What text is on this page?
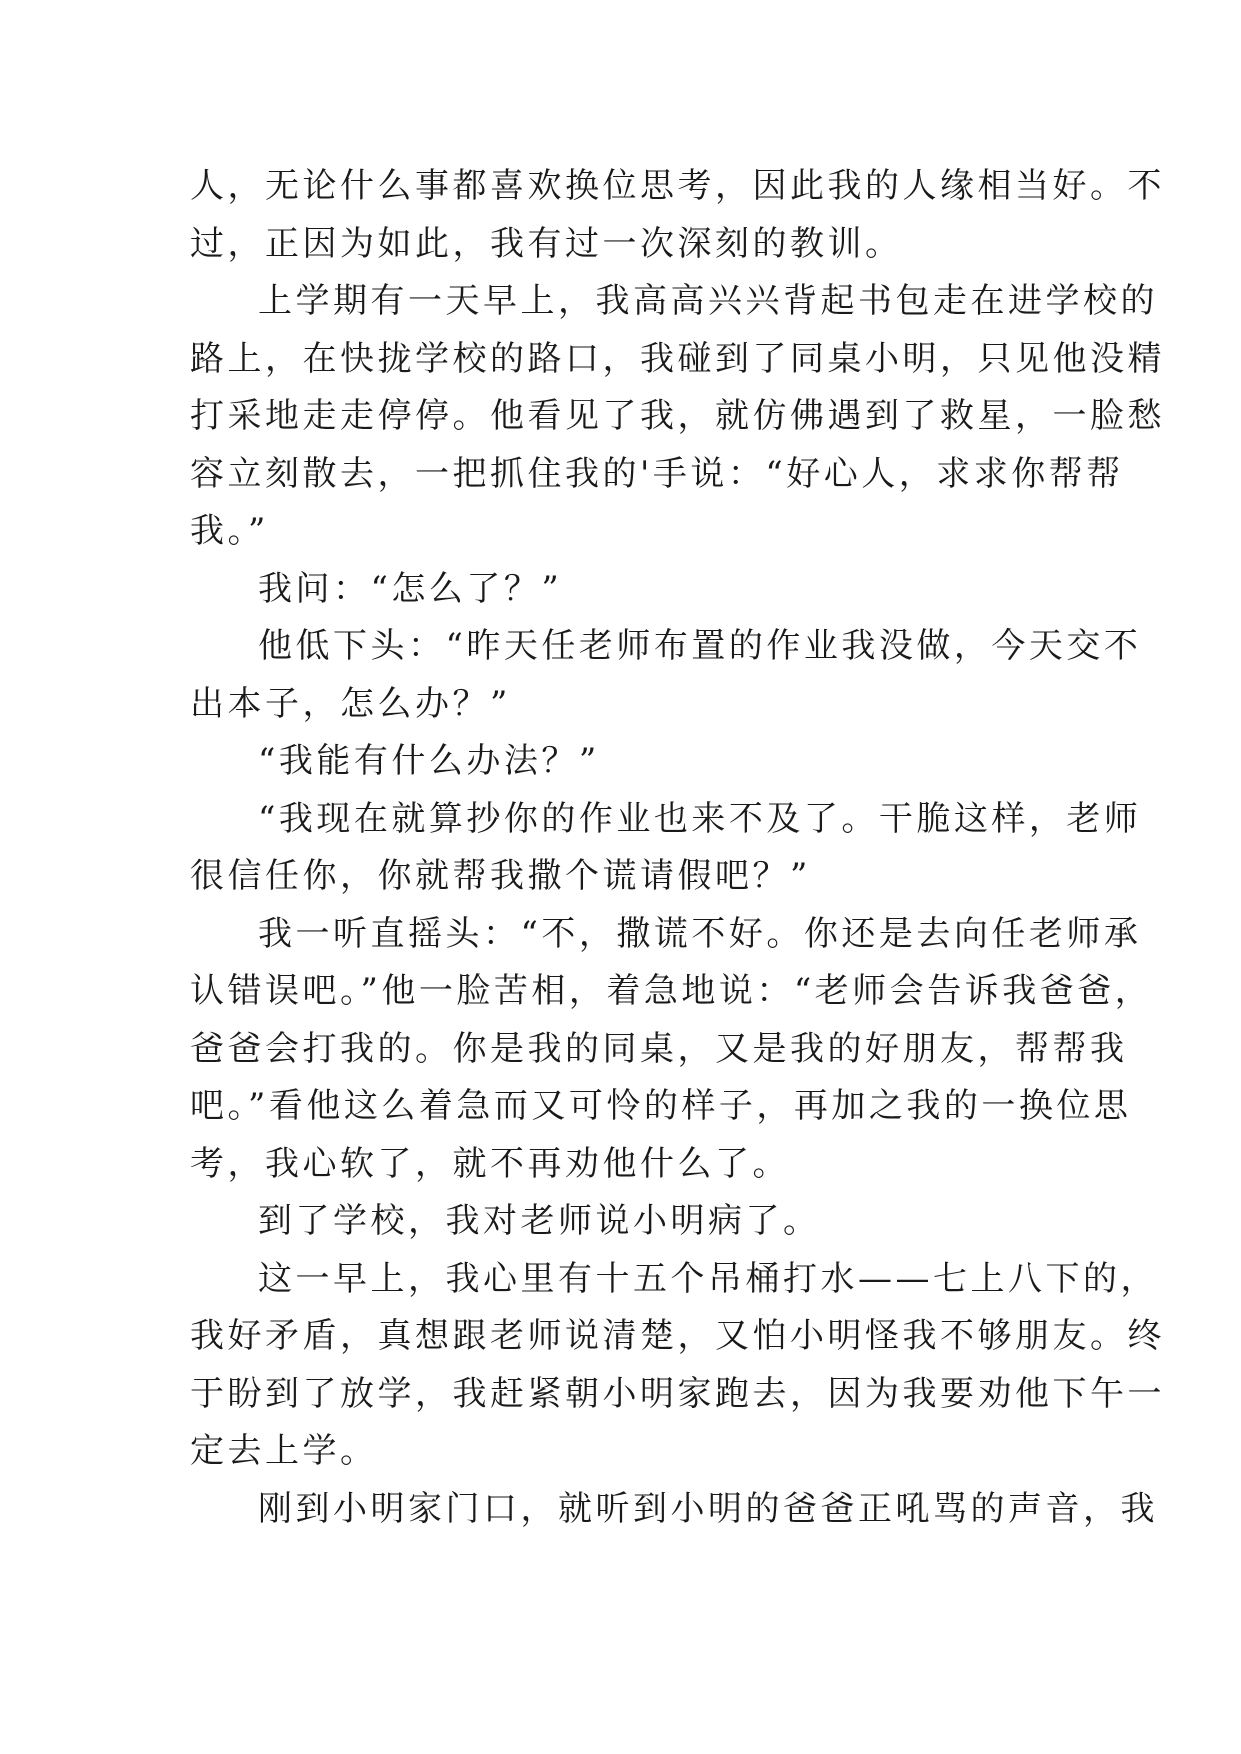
人，无论什么事都喜欢换位思考，因此我的人缘相当好。不
过，正因为如此，我有过一次深刻的教训。
上学期有一天早上，我高高兴兴背起书包走在进学校的
路上，在快拢学校的路口，我碰到了同桌小明，只见他没精
打采地走走停停。他看见了我，就仿佛遇到了救星，一脸愁
容立刻散去，一把抓住我的'手说：“好心人，求求你帮帮
我。”
我问：“怎么了？”
他低下头：“昨天任老师布置的作业我没做，今天交不
出本子，怎么办？”
“我能有什么办法？”
“我现在就算抄你的作业也来不及了。干脆这样，老师
很信任你，你就帮我撒个谎请假吧？”
我一听直摇头：“不，撒谎不好。你还是去向任老师承
认错误吧。”他一脸苦相，着急地说：“老师会告诉我爸爸，
爸爸会打我的。你是我的同桌，又是我的好朋友，帮帮我
吧。”看他这么着急而又可怜的样子，再加之我的一换位思
考，我心软了，就不再劝他什么了。
到了学校，我对老师说小明病了。
这一早上，我心里有十五个吊桶打水——七上八下的，
我好矛盾，真想跟老师说清楚，又怕小明怪我不够朋友。终
于盼到了放学，我赶紧朝小明家跑去，因为我要劝他下午一
定去上学。
刚到小明家门口，就听到小明的爸爸正吼骂的声音，我
